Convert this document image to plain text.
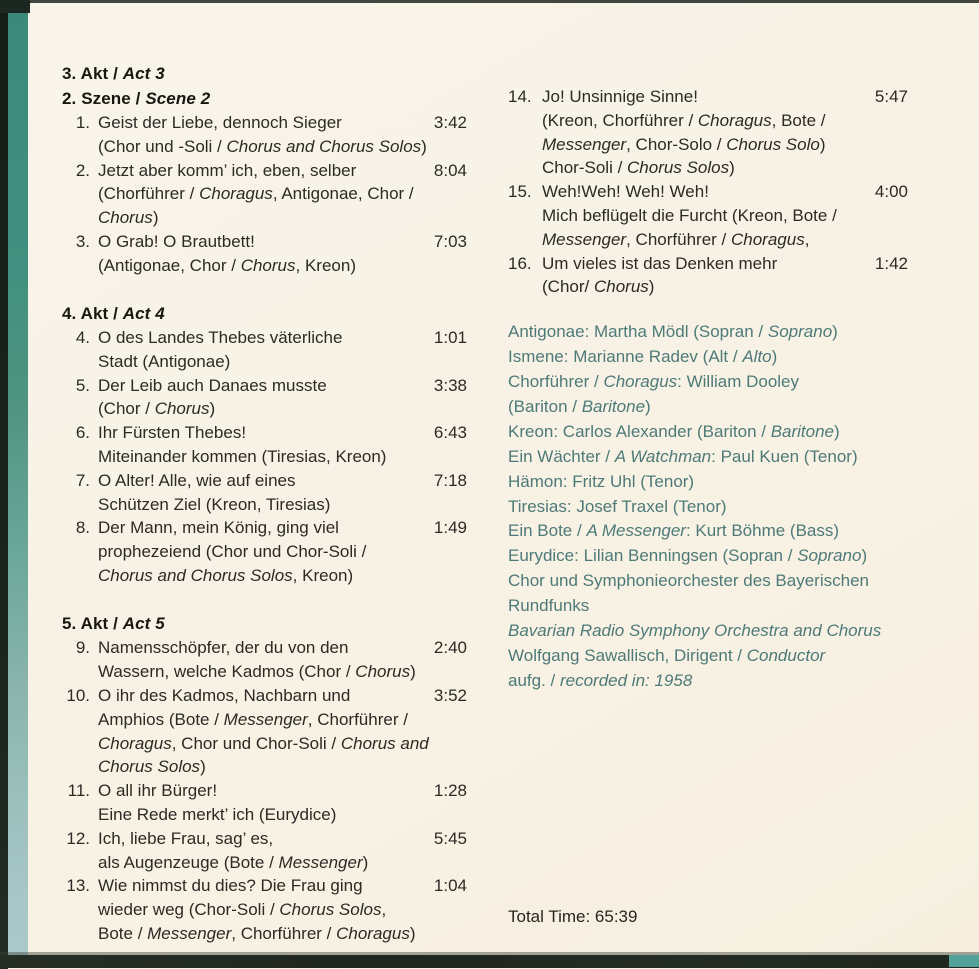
3. Akt / Act 3
2. Szene / Scene 2
1. Geist der Liebe, dennoch Sieger
(Chor und -Soli / Chorus and Chorus Solos)
3:42
2. Jetzt aber komm’ ich, eben, selber
(Chorführer / Choragus, Antigonae, Chor /
Chorus)
8:04
3. O Grab! O Brautbett!
(Antigonae, Chor / Chorus, Kreon)
7:03
4. Akt / Act 4
4. O des Landes Thebes väterliche
Stadt (Antigonae)
1:01
5. Der Leib auch Danaes musste
(Chor / Chorus)
3:38
6. Ihr Fürsten Thebes!
Miteinander kommen (Tiresias, Kreon)
6:43
7. O Alter! Alle, wie auf eines
Schützen Ziel (Kreon, Tiresias)
7:18
8. Der Mann, mein König, ging viel
prophezeiend (Chor und Chor-Soli /
Chorus and Chorus Solos, Kreon)
1:49
5. Akt / Act 5
9. Namensschöpfer, der du von den
Wassern, welche Kadmos (Chor / Chorus)
2:40
10. O ihr des Kadmos, Nachbarn und
Amphios (Bote / Messenger, Chorführer /
Choragus, Chor und Chor-Soli / Chorus and
Chorus Solos)
3:52
11. O all ihr Bürger!
Eine Rede merkt’ ich (Eurydice)
1:28
12. Ich, liebe Frau, sag’ es,
als Augenzeuge (Bote / Messenger)
5:45
13. Wie nimmst du dies? Die Frau ging
wieder weg (Chor-Soli / Chorus Solos,
Bote / Messenger, Chorführer / Choragus)
1:04
14. Jo! Unsinnige Sinne!
(Kreon, Chorführer / Choragus, Bote /
Messenger, Chor-Solo / Chorus Solo)
Chor-Soli / Chorus Solos)
5:47
15. Weh!Weh! Weh! Weh!
Mich beflügelt die Furcht (Kreon, Bote /
Messenger, Chorführer / Choragus,
4:00
16. Um vieles ist das Denken mehr
(Chor/ Chorus)
1:42
Antigonae: Martha Mödl (Sopran / Soprano)
Ismene: Marianne Radev (Alt / Alto)
Chorführer / Choragus: William Dooley
(Bariton / Baritone)
Kreon: Carlos Alexander (Bariton / Baritone)
Ein Wächter / A Watchman: Paul Kuen (Tenor)
Hämon: Fritz Uhl (Tenor)
Tiresias: Josef Traxel (Tenor)
Ein Bote / A Messenger: Kurt Böhme (Bass)
Eurydice: Lilian Benningsen (Sopran / Soprano)
Chor und Symphonieorchester des Bayerischen
Rundfunks
Bavarian Radio Symphony Orchestra and Chorus
Wolfgang Sawallisch, Dirigent / Conductor
aufg. / recorded in: 1958
Total Time: 65:39
